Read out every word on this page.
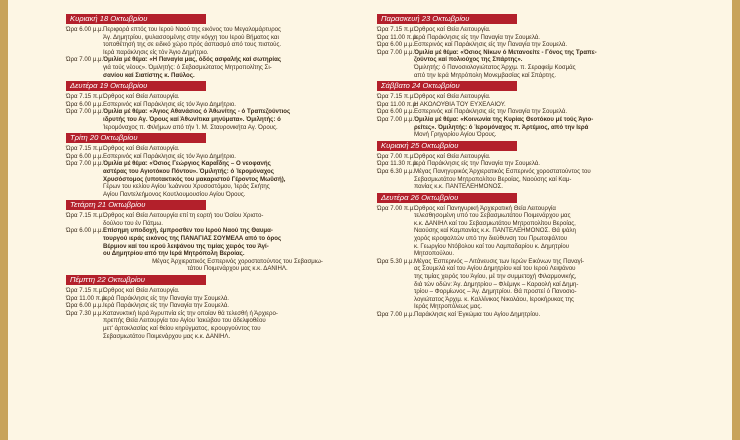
Κυριακή 18 Οκτωβρίου
Ώρα 6.00 μ.μ. Περιφορά επτός του Ιερού Ναού της εικόνος του Μεγαλομάρτυρος
Άγ. Δημητρίου, ψυλασσομένης στην κόγχη του Ιερού Βήματος και
τοποθέτησή της σε ειδικό χώρο πρός άσπασμό από τους πιστούς.
Ιερά παράκλησις είς τόν Άγιο Δημήτριο.
Ώρα 7.00 μ.μ. Όμιλία μέ θέμα: «Η Παναγία μας, όδός ασφαλής καί σωτηρίας
γιά τούς νέους». Όμιλητής: ό Σεβασμιώτατος Μητροπολίτης Σι-
σανίου καί Σιατίστης κ. Παύλος.
Δευτέρα 19 Οκτωβρίου
Ώρα 7.15 π.μ. Όρθρος καί Θεία Λειτουργία.
Ώρα 6.00 μ.μ. Εσπερινός καί Παράκλησις είς τόν Άγιο Δημήτριο.
Ώρα 7.00 μ.μ. Όμιλία μέ θέμα: «Άγιος Αθανάσιος ό Άθωνίτης - ό Τραπεζούντιος
ιδρυτής του Αγ. Όρους καί Άθωνίτικα μηνύματα». Όμιλητής: ό
Ίερομόναχος π. Φιλήμων από τήν Ί. Μ. Σταυρονικήτα Αγ. Όρους.
Τρίτη 20 Οκτωβρίου
Ώρα 7.15 π.μ. Όρθρος καί Θεία Λειτουργία.
Ώρα 6.00 μ.μ. Εσπερινός καί Παράκλησις είς τόν Άγιο Δημήτριο.
Ώρα 7.00 μ.μ. Όμιλία μέ θέμα: «Όσιος Γεώργιος Καραΐδης – Ο νεοφανής
αστέρας του Αγιοτόκου Πόντου». Όμιλητής: ό Ίερομόναχος
Χρυσόστομος (υποτακτικός του μακαριστού Γέροντος Μωϋσή),
Γέρων του κελίου Αγίου Ίωάννου Χρυσοστόμου, Ίεράς Σκήτης
Αγίου Παντελεήμονος Κουτλουμουσίου Αγίου Όρους.
Τετάρτη 21 Οκτωβρίου
Ώρα 7.15 π.μ. Όρθρος καί Θεία Λειτουργία επί τη εορτή του Όσίου Χριστο-
δούλου του έν Πάτμω.
Ώρα 6.00 μ.μ. Επίσημη υποδοχή, έμπροσθεν του Ιερού Ναού της Θαυμα-
τουργού ιεράς εικόνος της ΠΑΝΑΓΙΑΣ ΣΟΥΜΕΛΑ από το όρος
Βέρμιον καί του ιερού λειψάνου της τιμίας χειρός του Άγί-
ου Δημητρίου από την Ιερά Μητρόπολη Βεροίας.
Μέγας Άρχιερατικός Εσπερινός χοροστατούντος του Σεβασμιω-
τάτου Ποιμενάρχου μας κ.κ. ΔΑΝΙΗΛ.
Πέμπτη 22 Οκτωβρίου
Ώρα 7.15 π.μ. Όρθρος καί Θεία Λειτουργία.
Ώρα 11.00 π.μ.
Ιερά Παράκλησις είς την Παναγία την Σουμελά.
Ώρα 6.00 μ.μ. Ιερά Παράκλησις είς την Παναγία την Σουμελά.
Ώρα 7.30 μ.μ. Κατανυκτική Ιερά Άγρυπνία είς την οποίαν θά τελεσθή ή Άρχιερο-
πρεπής Θεία Λειτουργία του Αγίου Ίακώβου του άδελφοθέου
μετ' άρτοκλασίας καί θείου κηρύγματος, ιερουργούντος του
Σεβασμιωτάτου Ποιμενάρχου μας κ.κ. ΔΑΝΙΗΛ.
Παρασκευή 23 Οκτωβρίου
Ώρα 7.15 π.μ. Όρθρος καί Θεία Λειτουργία.
Ώρα 11.00 π.μ.
Ιερά Παράκλησις είς την Παναγία την Σουμελά.
Ώρα 6.00 μ.μ. Εσπερινός καί Παράκλησις είς την Παναγία την Σουμελά.
Ώρα 7.00 μ.μ. Όμιλία μέ θέμα: «Όσιος Νίκων ό Μετανοείτε - Γόνος της Τραπε-
ζούντος καί πολιούχος της Σπάρτης».
Όμιλητής: ό Πανοσιολογιώτατος Άρχιμ. π. Σεραφείμ Κοσμάς
από την Ιερά Μητρόπολη Μονεμβασίας καί Σπάρτης.
Σάββατο 24 Οκτωβρίου
Ώρα 7.15 π.μ. Όρθρος καί Θεία Λειτουργία.
Ώρα 11.00 π.μ.
Η ΑΚΟΛΟΥΘΙΑ ΤΟΥ ΕΥΧΕΛΑΙΟΥ.
Ώρα 6.00 μ.μ. Εσπερινός καί Παράκλησις είς την Παναγία την Σουμελά.
Ώρα 7.00 μ.μ. Όμιλία μέ θέμα: «Κοινωνία της Κυρίας Θεοτόκου μέ τούς Άγιο-
ρείτες». Όμιλητής: ό Ίερομόναχος π. Άρτέμιος, από την Ιερά
Μονή Γρηγορίου Αγίου Όρους.
Κυριακή 25 Οκτωβρίου
Ώρα 7.00 π.μ. Όρθρος καί Θεία Λειτουργία.
Ώρα 11.30 π.μ.
Ιερά Παράκλησις είς την Παναγία την Σουμελά.
Ώρα 6.30 μ.μ. Μέγας Πανηγυρικός Άρχιερατικός Εσπερινός χοροστατούντος του
Σεβασμιωτάτου Μητροπολίτου Βεροίας, Ναούσης καί Καμ-
πανίας κ.κ. ΠΑΝΤΕΛΕΗΜΟΝΟΣ.
Δευτέρα 26 Οκτωβρίου
Ώρα 7.00 π.μ. Όρθρος καί Πανηγυρική Άρχιερατική Θεία Λειτουργία
τελεσθησομένη υπό του Σεβασμιωτάτου Ποιμενάρχου μας
κ.κ. ΔΑΝΙΗΛ καί του Σεβασμιωτάτου Μητροπολίτου Βεροίας,
Ναούσης καί Καμπανίας κ.κ. ΠΑΝΤΕΛΕΗΜΟΝΟΣ. Θά ψάλη
χορός ιεροψαλτών υπό την διεύθυνση του Πρωτοψάλτου
κ. Γεωργίου Ντόβολου καί του Λαμπαδαρίου κ. Δημητρίου
Μητσοπούλου.
Ώρα 5.30 μ.μ. Μέγας Έσπερινός – Λιτάνευσις των Ιερών Εικόνων της Παναγί-
ας Σουμελά καί του Αγίου Δημητρίου καί του Ιερού Λειψάνου
της τιμίας χειρός του Άγίου, μέ την συμμετοχή Φιλαρμονικής,
διά τών οδών: Άγ. Δημητρίου – Φλέμιγκ – Καραολή καί Δημη-
τρίου – Φορμίωνος – Άγ. Δημητρίου. Θά προστεί ό Πανοσιο-
λογιώτατος Άρχιμ. κ. Καλλίνικος Νικολάου, Ιεροκήρυκας της
Ιεράς Μητροπόλεως μας.
Ώρα 7.00 μ.μ. Παράκλησις καί Έγκώμια του Αγίου Δημητρίου.
